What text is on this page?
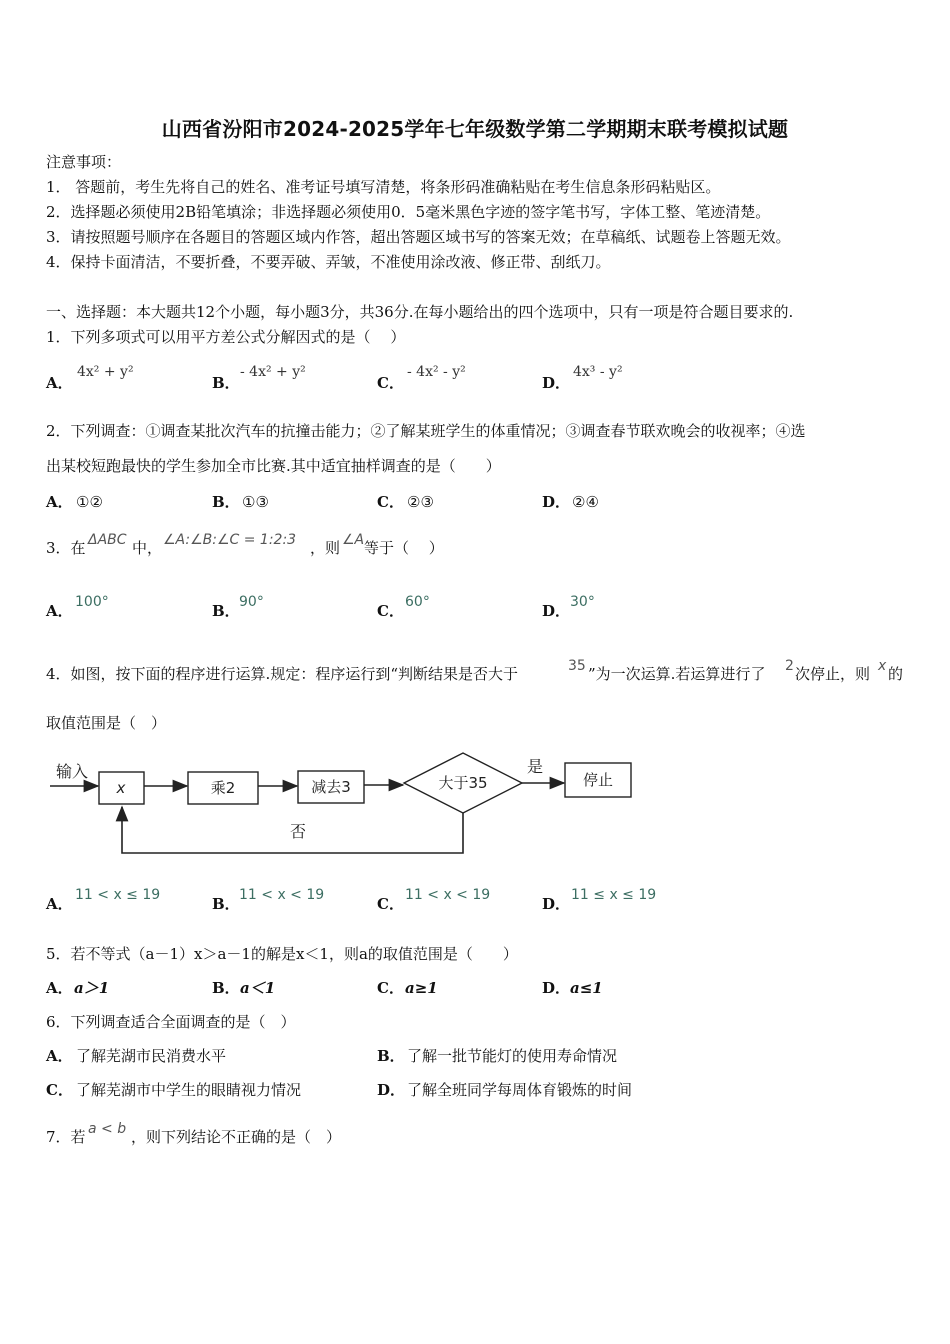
山西省汾阳市2024-2025学年七年级数学第二学期期末联考模拟试题
注意事项：
1． 答题前，考生先将自己的姓名、准考证号填写清楚，将条形码准确粘贴在考生信息条形码粘贴区。
2．选择题必须使用2B铅笔填涂；非选择题必须使用0．5毫米黑色字迹的签字笔书写，字体工整、笔迹清楚。
3．请按照题号顺序在各题目的答题区域内作答，超出答题区域书写的答案无效；在草稿纸、试题卷上答题无效。
4．保持卡面清洁，不要折叠，不要弄破、弄皱，不准使用涂改液、修正带、刮纸刀。
一、选择题：本大题共12个小题，每小题3分，共36分.在每小题给出的四个选项中，只有一项是符合题目要求的.
1．下列多项式可以用平方差公式分解因式的是（　 ）
A．
4x² + y²
B．
- 4x² + y²
C．
- 4x² - y²
D．
4x³ - y²
2．下列调查：①调查某批次汽车的抗撞击能力；②了解某班学生的体重情况；③调查春节联欢晚会的收视率；④选
出某校短跑最快的学生参加全市比赛.其中适宜抽样调查的是（　　）
A． ①②	B． ①③	C． ②③	D． ②④
3．在 ΔABC 中， ∠A:∠B:∠C = 1:2:3 ，则 ∠A 等于（　 ）
A． 100°	B． 90°	C． 60°	D． 30°
4．如图，按下面的程序进行运算.规定：程序运行到“判断结果是否大于	35 ”为一次运算.若运算进行了 2 次停止，则 x 的
取值范围是（　）
输入
x	乘2	减去3	大于35
是
停止
否
A． 11 < x ≤ 19	B． 11 < x < 19	C． 11 < x < 19	D． 11 ≤ x ≤ 19
5．若不等式（a－1）x＞a－1的解是x＜1，则a的取值范围是（　　）
A． a＞1	B． a＜1	C． a≥1	D． a≤1
6．下列调查适合全面调查的是（　）
A． 了解芜湖市民消费水平	B． 了解一批节能灯的使用寿命情况
C． 了解芜湖市中学生的眼睛视力情况	D． 了解全班同学每周体育锻炼的时间
7．若 a < b ，则下列结论不正确的是（　）
